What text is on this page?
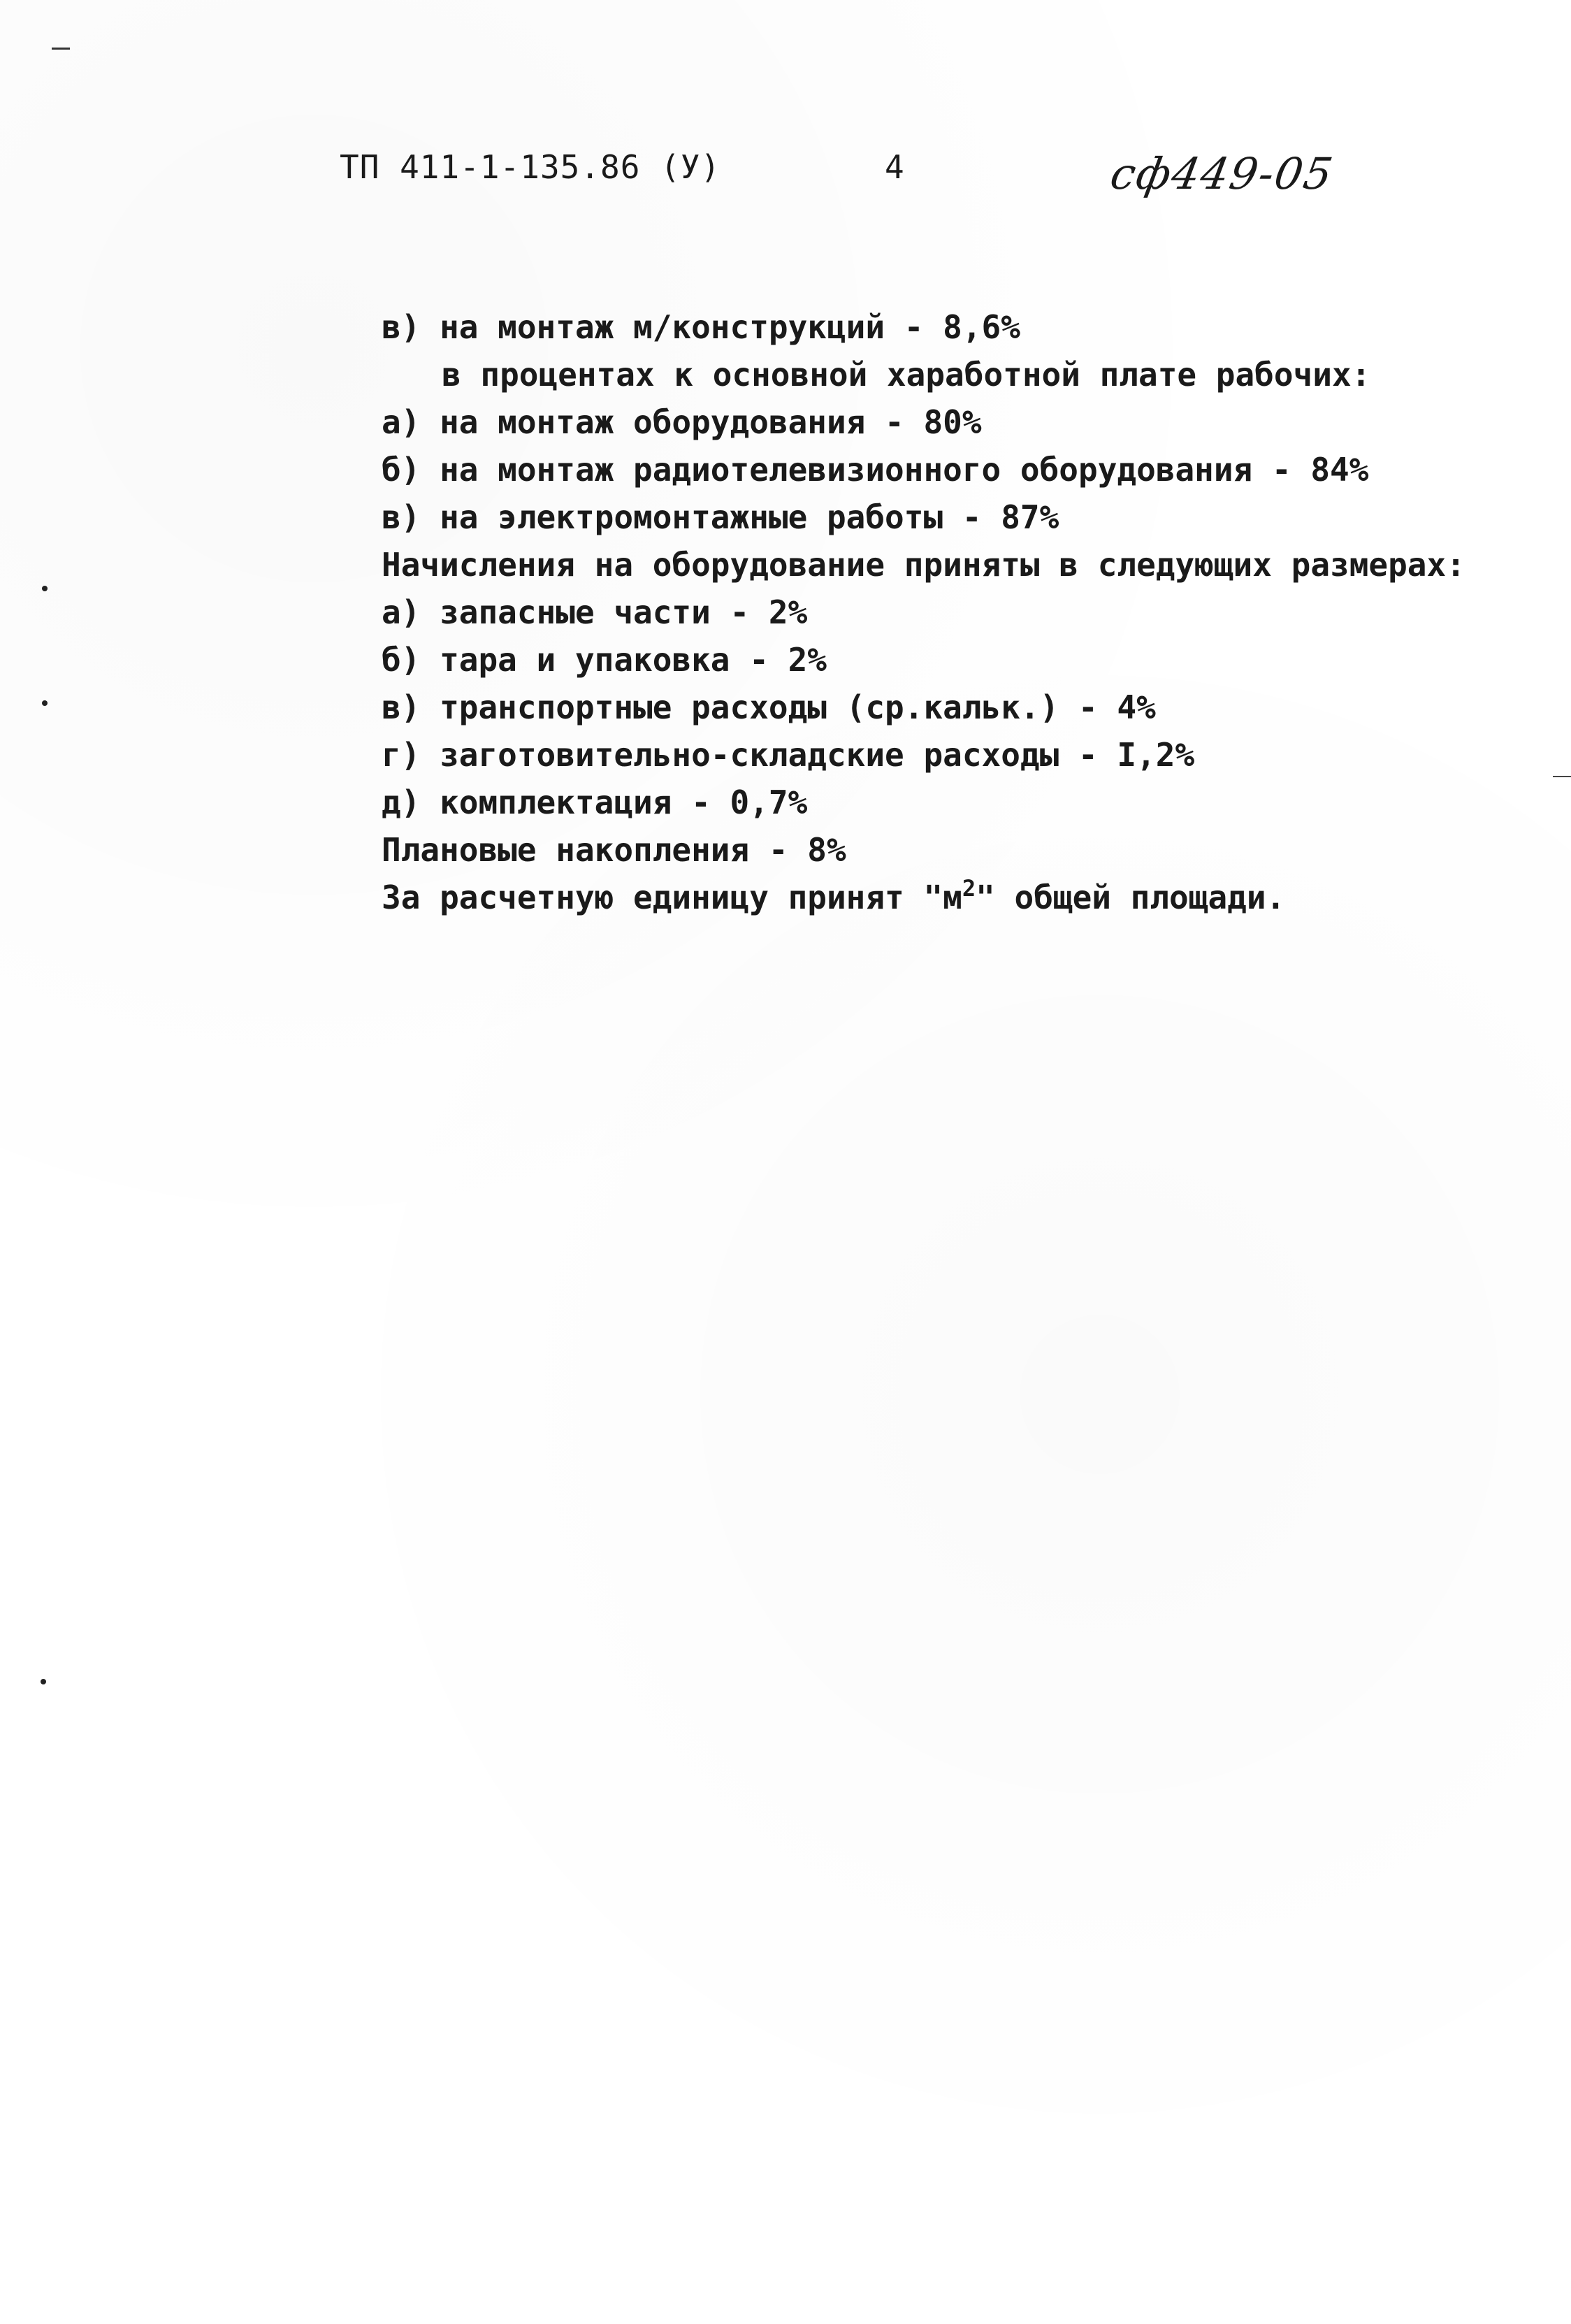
ТП 411-1-135.86 (У)	4	сф449-05
в) на монтаж м/конструкций - 8,6%
в процентах к основной харaботной плате рабочих:
а) на монтаж оборудования - 80%
б) на монтаж радиотелевизионного оборудования - 84%
в) на электромонтажные работы - 87%
Начисления на оборудование приняты в следующих размерах:
а) запасные части - 2%
б) тара и упаковка - 2%
в) транспортные расходы (ср.кальк.) - 4%
г) заготовительно-складские расходы - I,2%
д) комплектация - 0,7%
Плановые накопления - 8%
За расчетную единицу принят "$м^2$" общей площади.
